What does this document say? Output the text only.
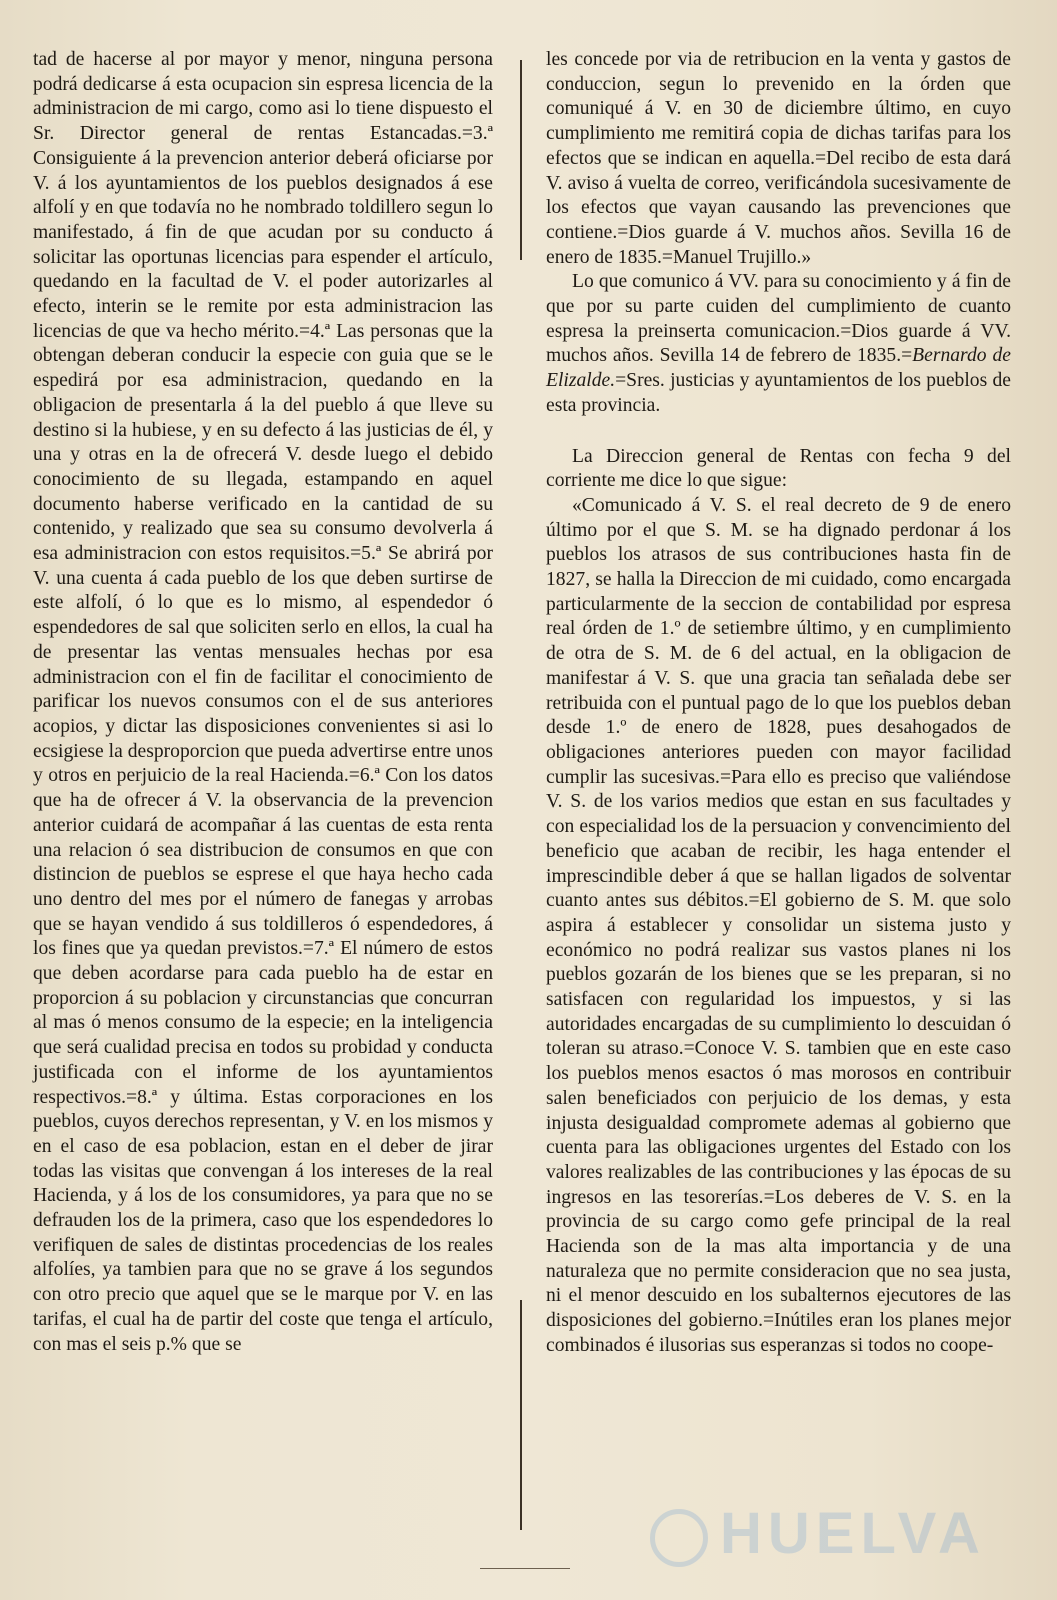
tad de hacerse al por mayor y menor, ninguna persona podrá dedicarse á esta ocupacion sin espresa licencia de la administracion de mi cargo, como asi lo tiene dispuesto el Sr. Director general de rentas Estancadas.=3.ª Consiguiente á la prevencion anterior deberá oficiarse por V. á los ayuntamientos de los pueblos designados á ese alfolí y en que todavía no he nombrado toldillero segun lo manifestado, á fin de que acudan por su conducto á solicitar las oportunas licencias para espender el artículo, quedando en la facultad de V. el poder autorizarles al efecto, interin se le remite por esta administracion las licencias de que va hecho mérito.=4.ª Las personas que la obtengan deberan conducir la especie con guia que se le espedirá por esa administracion, quedando en la obligacion de presentarla á la del pueblo á que lleve su destino si la hubiese, y en su defecto á las justicias de él, y una y otras en la de ofrecerá V. desde luego el debido conocimiento de su llegada, estampando en aquel documento haberse verificado en la cantidad de su contenido, y realizado que sea su consumo devolverla á esa administracion con estos requisitos.=5.ª Se abrirá por V. una cuenta á cada pueblo de los que deben surtirse de este alfolí, ó lo que es lo mismo, al espendedor ó espendedores de sal que soliciten serlo en ellos, la cual ha de presentar las ventas mensuales hechas por esa administracion con el fin de facilitar el conocimiento de parificar los nuevos consumos con el de sus anteriores acopios, y dictar las disposiciones convenientes si asi lo ecsigiese la desproporcion que pueda advertirse entre unos y otros en perjuicio de la real Hacienda.=6.ª Con los datos que ha de ofrecer á V. la observancia de la prevencion anterior cuidará de acompañar á las cuentas de esta renta una relacion ó sea distribucion de consumos en que con distincion de pueblos se esprese el que haya hecho cada uno dentro del mes por el número de fanegas y arrobas que se hayan vendido á sus toldilleros ó espendedores, á los fines que ya quedan previstos.=7.ª El número de estos que deben acordarse para cada pueblo ha de estar en proporcion á su poblacion y circunstancias que concurran al mas ó menos consumo de la especie; en la inteligencia que será cualidad precisa en todos su probidad y conducta justificada con el informe de los ayuntamientos respectivos.=8.ª y última. Estas corporaciones en los pueblos, cuyos derechos representan, y V. en los mismos y en el caso de esa poblacion, estan en el deber de jirar todas las visitas que convengan á los intereses de la real Hacienda, y á los de los consumidores, ya para que no se defrauden los de la primera, caso que los espendedores lo verifiquen de sales de distintas procedencias de los reales alfolíes, ya tambien para que no se grave á los segundos con otro precio que aquel que se le marque por V. en las tarifas, el cual ha de partir del coste que tenga el artículo, con mas el seis p.% que se

les concede por via de retribucion en la venta y gastos de conduccion, segun lo prevenido en la órden que comuniqué á V. en 30 de diciembre último, en cuyo cumplimiento me remitirá copia de dichas tarifas para los efectos que se indican en aquella.=Del recibo de esta dará V. aviso á vuelta de correo, verificándola sucesivamente de los efectos que vayan causando las prevenciones que contiene.=Dios guarde á V. muchos años. Sevilla 16 de enero de 1835.=Manuel Trujillo.»

Lo que comunico á VV. para su conocimiento y á fin de que por su parte cuiden del cumplimiento de cuanto espresa la preinserta comunicacion.=Dios guarde á VV. muchos años. Sevilla 14 de febrero de 1835.=Bernardo de Elizalde.=Sres. justicias y ayuntamientos de los pueblos de esta provincia.

La Direccion general de Rentas con fecha 9 del corriente me dice lo que sigue:

«Comunicado á V. S. el real decreto de 9 de enero último por el que S. M. se ha dignado perdonar á los pueblos los atrasos de sus contribuciones hasta fin de 1827, se halla la Direccion de mi cuidado, como encargada particularmente de la seccion de contabilidad por espresa real órden de 1.º de setiembre último, y en cumplimiento de otra de S. M. de 6 del actual, en la obligacion de manifestar á V. S. que una gracia tan señalada debe ser retribuida con el puntual pago de lo que los pueblos deban desde 1.º de enero de 1828, pues desahogados de obligaciones anteriores pueden con mayor facilidad cumplir las sucesivas.=Para ello es preciso que valiéndose V. S. de los varios medios que estan en sus facultades y con especialidad los de la persuacion y convencimiento del beneficio que acaban de recibir, les haga entender el imprescindible deber á que se hallan ligados de solventar cuanto antes sus débitos.=El gobierno de S. M. que solo aspira á establecer y consolidar un sistema justo y económico no podrá realizar sus vastos planes ni los pueblos gozarán de los bienes que se les preparan, si no satisfacen con regularidad los impuestos, y si las autoridades encargadas de su cumplimiento lo descuidan ó toleran su atraso.=Conoce V. S. tambien que en este caso los pueblos menos esactos ó mas morosos en contribuir salen beneficiados con perjuicio de los demas, y esta injusta desigualdad compromete ademas al gobierno que cuenta para las obligaciones urgentes del Estado con los valores realizables de las contribuciones y las épocas de su ingresos en las tesorerías.=Los deberes de V. S. en la provincia de su cargo como gefe principal de la real Hacienda son de la mas alta importancia y de una naturaleza que no permite consideracion que no sea justa, ni el menor descuido en los subalternos ejecutores de las disposiciones del gobierno.=Inútiles eran los planes mejor combinados é ilusorias sus esperanzas si todos no coope-

HUELVA
